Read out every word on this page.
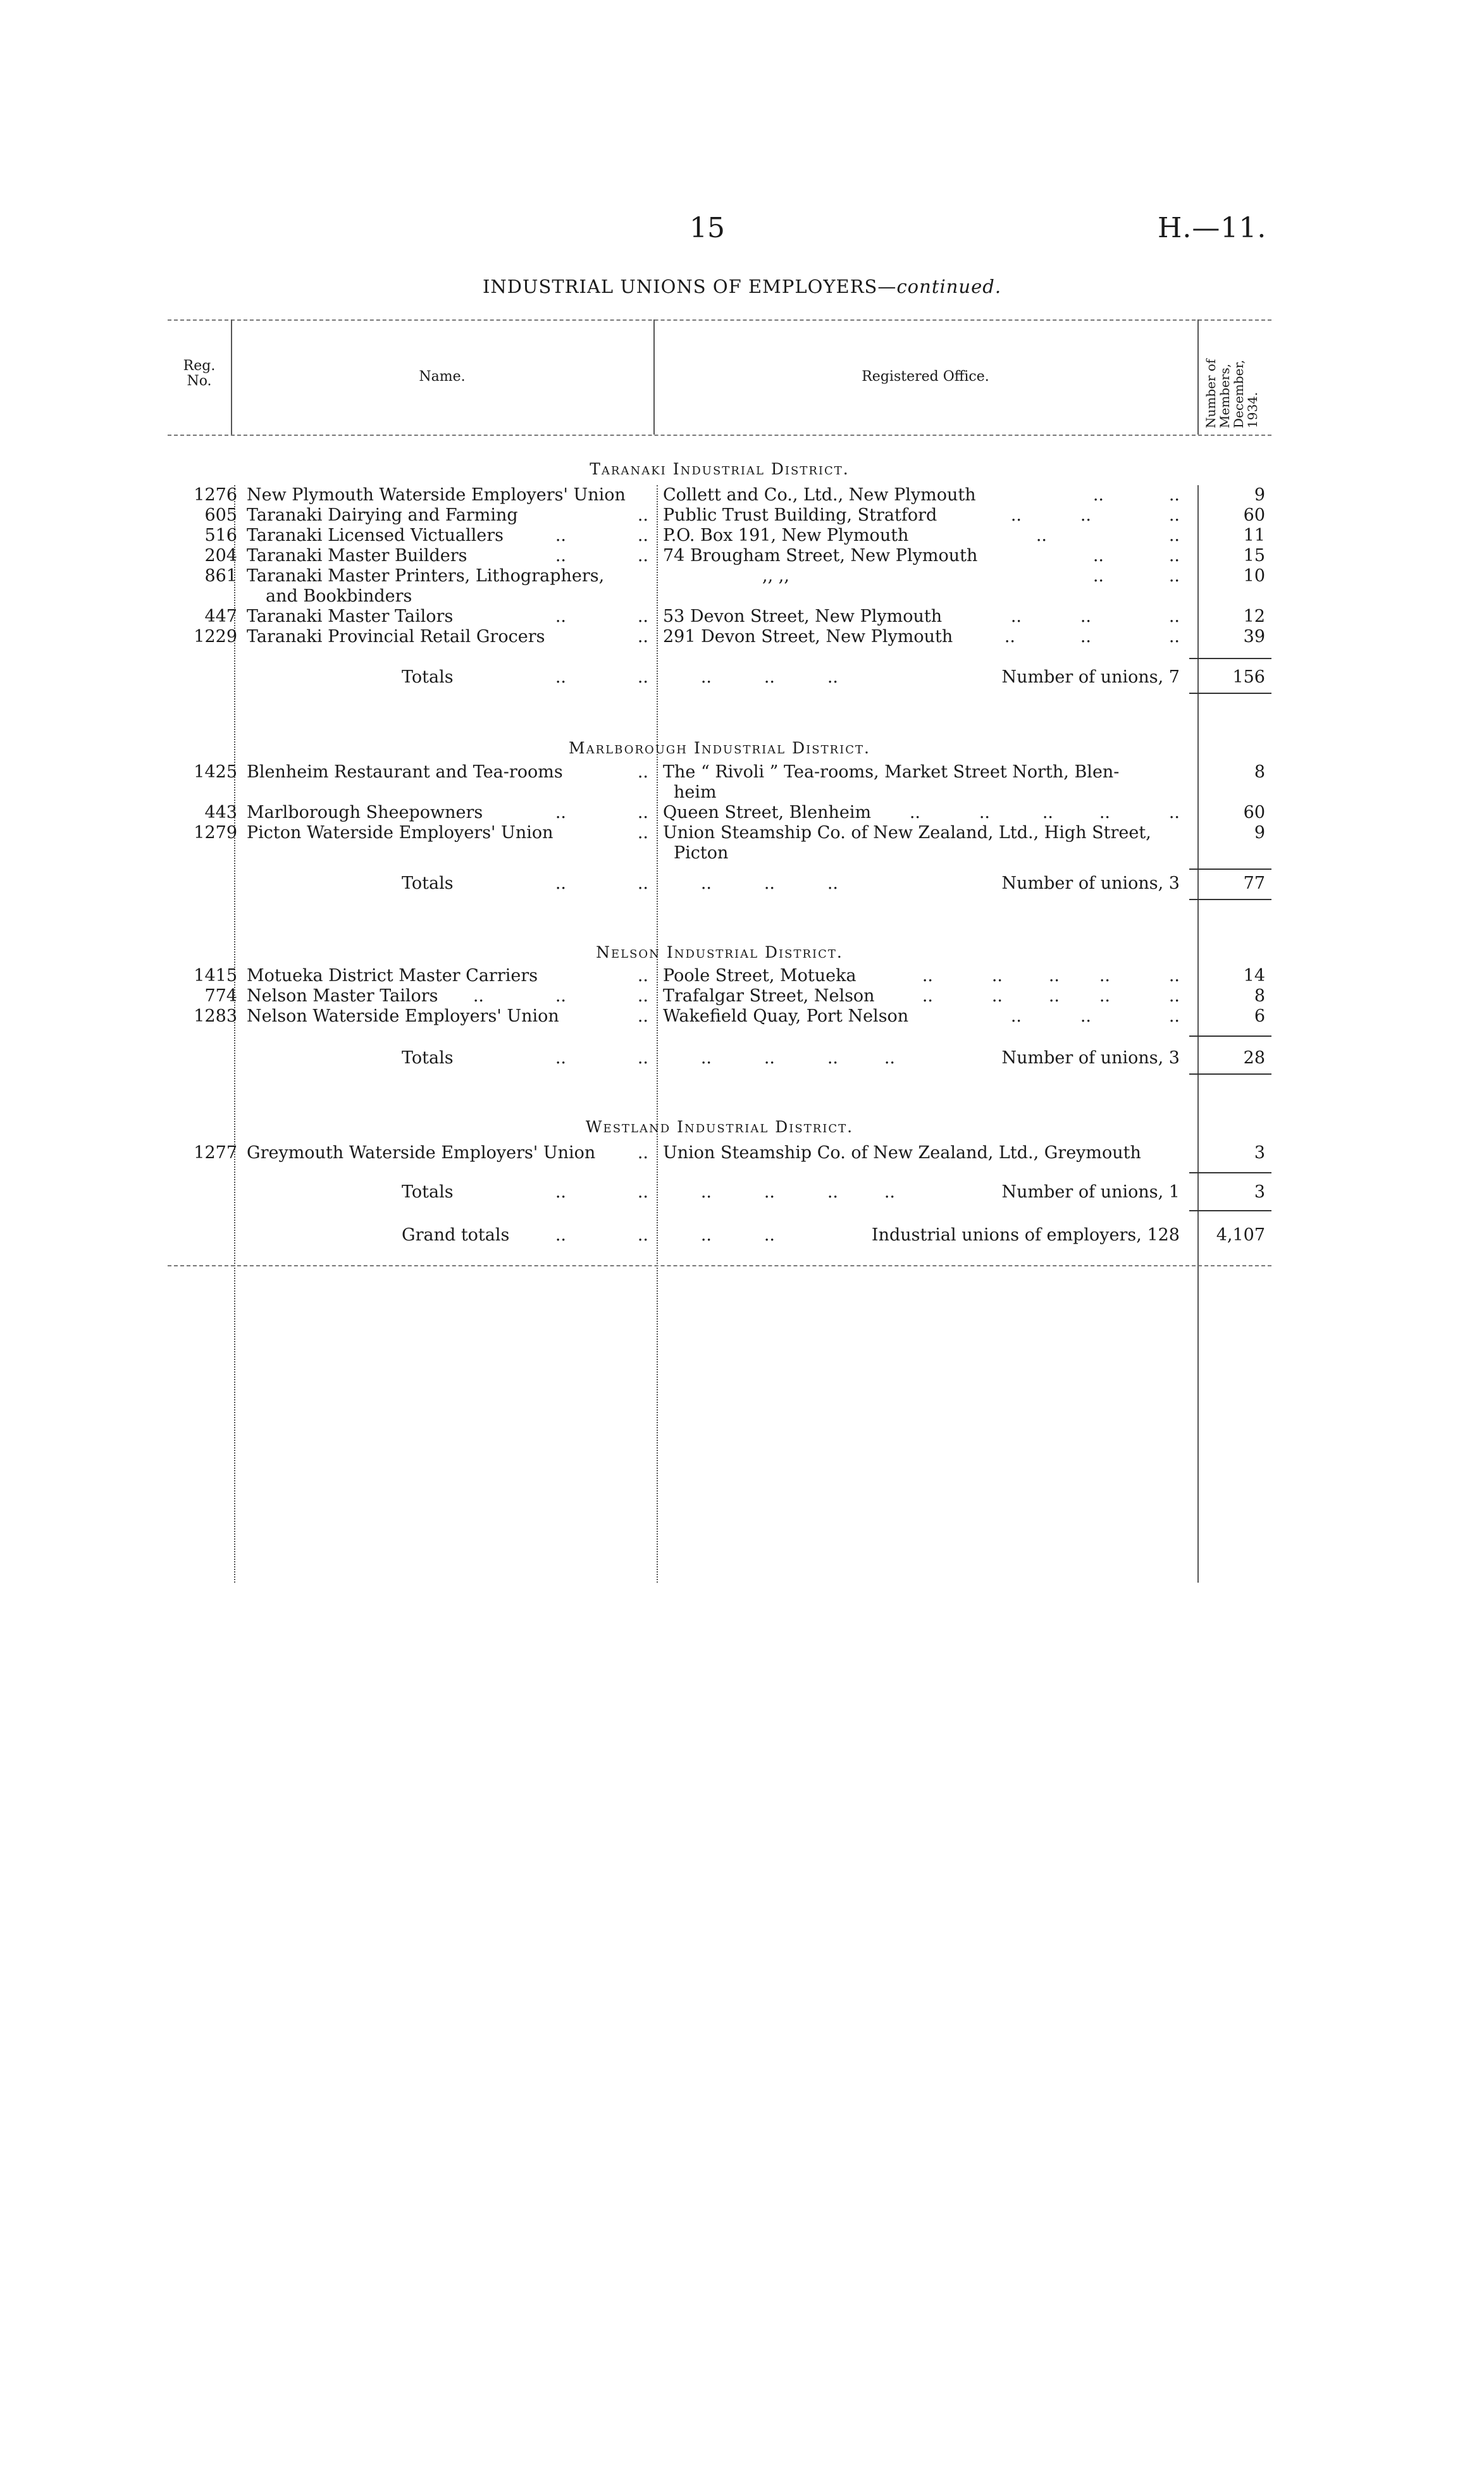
15	H.—11.
INDUSTRIAL UNIONS OF EMPLOYERS—continued.
Reg.
No.	Name.	Registered Office.	Number of
Members,
December,
1934.
Taranaki Industrial District.
1276 New Plymouth Waterside Employers' Union	Collett and Co., Ltd., New Plymouth	..	..	9
605 Taranaki Dairying and Farming	.. Public Trust Building, Stratford	..	..	..	60
516 Taranaki Licensed Victuallers	..	.. P.O. Box 191, New Plymouth	..	..	11
204 Taranaki Master Builders	..	.. 74 Brougham Street, New Plymouth	..	..	15
861 Taranaki Master Printers, Lithographers,	,, ,,	..	..	10
and Bookbinders
447 Taranaki Master Tailors	..	.. 53 Devon Street, New Plymouth	..	..	..	12
1229 Taranaki Provincial Retail Grocers	.. 291 Devon Street, New Plymouth	..	..	..	39
Totals	..	..	..	..	..	Number of unions, 7	156
Marlborough Industrial District.
1425 Blenheim Restaurant and Tea-rooms	.. The “ Rivoli ” Tea-rooms, Market Street North, Blen-	8
heim
443 Marlborough Sheepowners	..	.. Queen Street, Blenheim	..	..	..	..	..	60
1279 Picton Waterside Employers' Union	.. Union Steamship Co. of New Zealand, Ltd., High Street,	9
Picton
Totals	..	..	..	..	..	Number of unions, 3	77
Nelson Industrial District.
1415 Motueka District Master Carriers	.. Poole Street, Motueka	..	..	..	..	..	14
774 Nelson Master Tailors	..	..	.. Trafalgar Street, Nelson	..	..	..	..	..	8
1283 Nelson Waterside Employers' Union	.. Wakefield Quay, Port Nelson	..	..	..	6
Totals	..	..	..	..	..	..	Number of unions, 3	28
Westland Industrial District.
1277 Greymouth Waterside Employers' Union	.. Union Steamship Co. of New Zealand, Ltd., Greymouth	3
Totals	..	..	..	..	..	..	Number of unions, 1	3
Grand totals	..	..	..	..	Industrial unions of employers, 128	4,107
